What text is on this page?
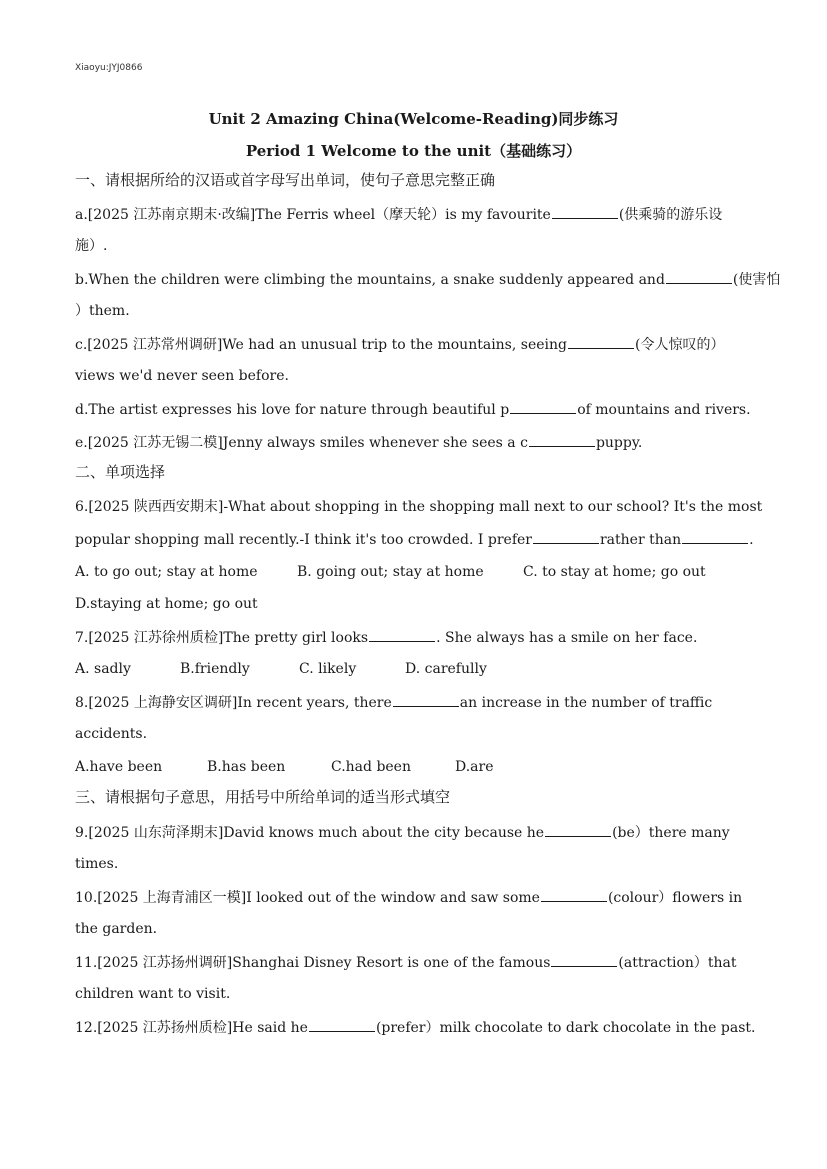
Xiaoyu:JYJ0866
Unit 2 Amazing China(Welcome-Reading)同步练习
Period 1 Welcome to the unit（基础练习）
一、请根据所给的汉语或首字母写出单词，使句子意思完整正确
a.[2025 江苏南京期末·改编]The Ferris wheel（摩天轮）is my favourite	(供乘骑的游乐设
施）.
b.When the children were climbing the mountains, a snake suddenly appeared and	(使害怕
）them.
c.[2025 江苏常州调研]We had an unusual trip to the mountains, seeing	(令人惊叹的）
views we'd never seen before.
d.The artist expresses his love for nature through beautiful p	of mountains and rivers.
e.[2025 江苏无锡二模]Jenny always smiles whenever she sees a c	puppy.
二、单项选择
6.[2025 陕西西安期末]-What about shopping in the shopping mall next to our school? It's the most
popular shopping mall recently.-I think it's too crowded. I prefer	rather than	.
A. to go out; stay at home	B. going out; stay at home	C. to stay at home; go out
D.staying at home; go out
7.[2025 江苏徐州质检]The pretty girl looks	. She always has a smile on her face.
A. sadly	B.friendly	C. likely	D. carefully
8.[2025 上海静安区调研]In recent years, there	an increase in the number of traffic
accidents.
A.have been	B.has been	C.had been	D.are
三、请根据句子意思，用括号中所给单词的适当形式填空
9.[2025 山东菏泽期末]David knows much about the city because he	(be）there many
times.
10.[2025 上海青浦区一模]I looked out of the window and saw some	(colour）flowers in
the garden.
11.[2025 江苏扬州调研]Shanghai Disney Resort is one of the famous	(attraction）that
children want to visit.
12.[2025 江苏扬州质检]He said he	(prefer）milk chocolate to dark chocolate in the past.
